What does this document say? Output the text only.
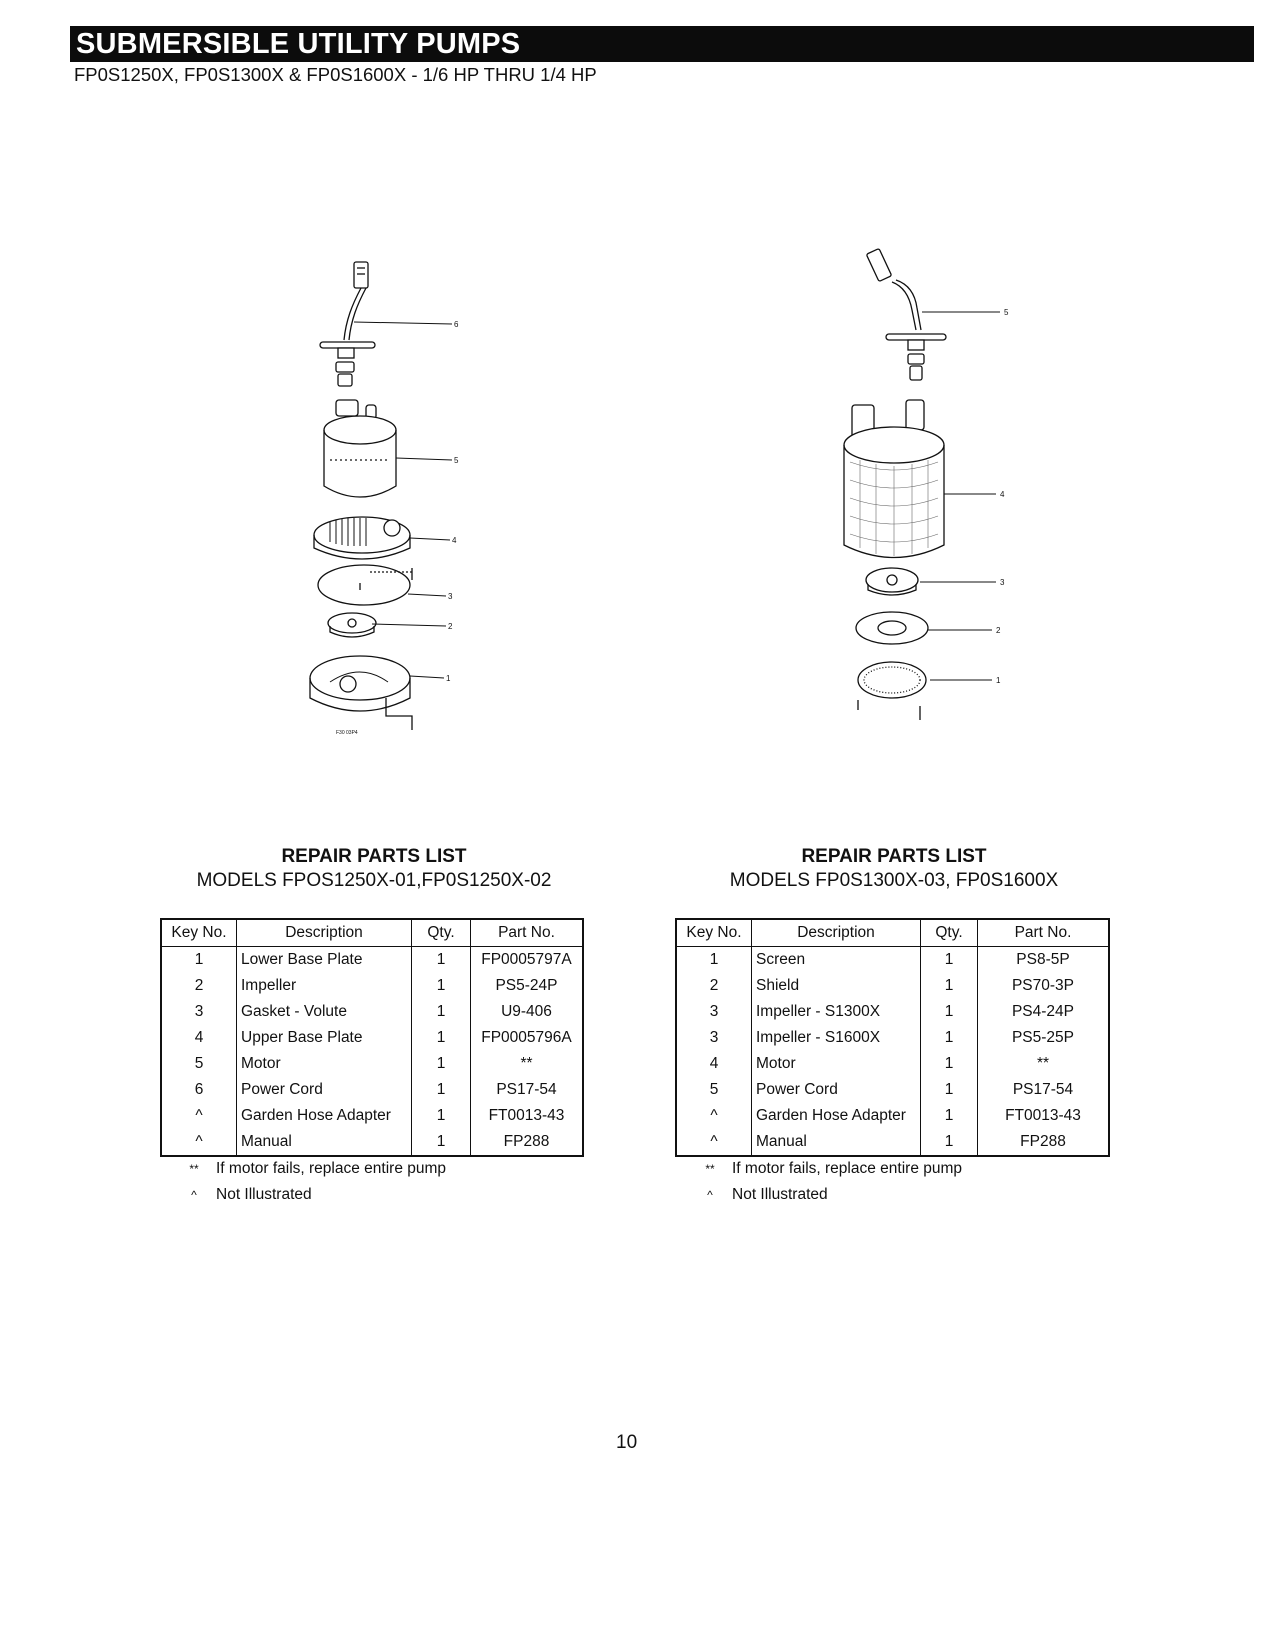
SUBMERSIBLE UTILITY PUMPS
FP0S1250X, FP0S1300X & FP0S1600X - 1/6 HP THRU 1/4 HP
6
5
4
3
2
1
F30 03P4
5
4
3
2
1
REPAIR PARTS LIST
MODELS FPOS1250X-01,FP0S1250X-02
Key No.	Description	Qty.	Part No.
1	Lower Base Plate	1	FP0005797A
2	Impeller	1	PS5-24P
3	Gasket - Volute	1	U9-406
4	Upper Base Plate	1	FP0005796A
5	Motor	1	**
6	Power Cord	1	PS17-54
^	Garden Hose Adapter	1	FT0013-43
^	Manual	1	FP288
**	If motor fails, replace entire pump
^	Not Illustrated
REPAIR PARTS LIST
MODELS FP0S1300X-03, FP0S1600X
Key No.	Description	Qty.	Part No.
1	Screen	1	PS8-5P
2	Shield	1	PS70-3P
3	Impeller - S1300X	1	PS4-24P
3	Impeller - S1600X	1	PS5-25P
4	Motor	1	**
5	Power Cord	1	PS17-54
^	Garden Hose Adapter	1	FT0013-43
^	Manual	1	FP288
**	If motor fails, replace entire pump
^	Not Illustrated
10
